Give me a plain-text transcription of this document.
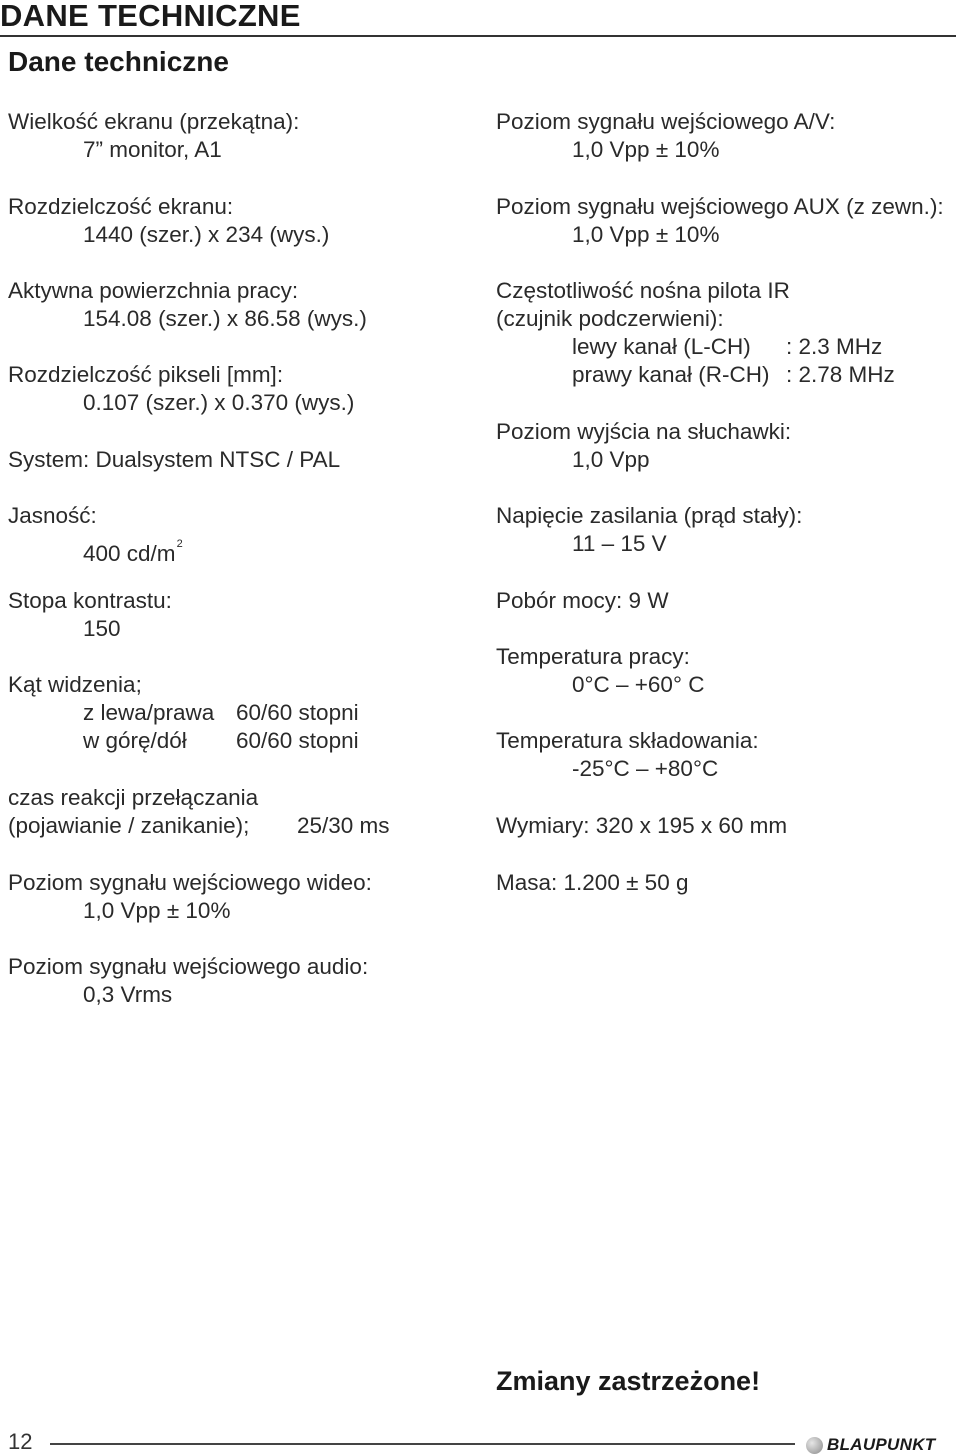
DANE TECHNICZNE
Dane techniczne
Wielkość ekranu (przekątna):
7” monitor, A1
Rozdzielczość ekranu:
1440 (szer.) x 234 (wys.)
Aktywna powierzchnia pracy:
154.08 (szer.) x 86.58 (wys.)
Rozdzielczość pikseli [mm]:
0.107 (szer.) x 0.370 (wys.)
System: Dualsystem NTSC / PAL
Jasność:
400 $cd/m^2$
Stopa kontrastu:
150
Kąt widzenia;
z lewa/prawa 60/60 stopni
w górę/dół 60/60 stopni
czas reakcji przełączania
(pojawianie / zanikanie); 25/30 ms
Poziom sygnału wejściowego wideo:
1,0 Vpp ± 10%
Poziom sygnału wejściowego audio:
0,3 Vrms
Poziom sygnału wejściowego A/V:
1,0 Vpp ± 10%
Poziom sygnału wejściowego AUX (z zewn.):
1,0 Vpp ± 10%
Częstotliwość nośna pilota IR
(czujnik podczerwieni):
lewy kanał (L-CH) : 2.3 MHz
prawy kanał (R-CH) : 2.78 MHz
Poziom wyjścia na słuchawki:
1,0 Vpp
Napięcie zasilania (prąd stały):
11 – 15 V
Pobór mocy: 9 W
Temperatura pracy:
0°C – +60° C
Temperatura składowania:
-25°C – +80°C
Wymiary: 320 x 195 x 60 mm
Masa: 1.200 ± 50 g
Zmiany zastrzeżone!
12	BLAUPUNKT
